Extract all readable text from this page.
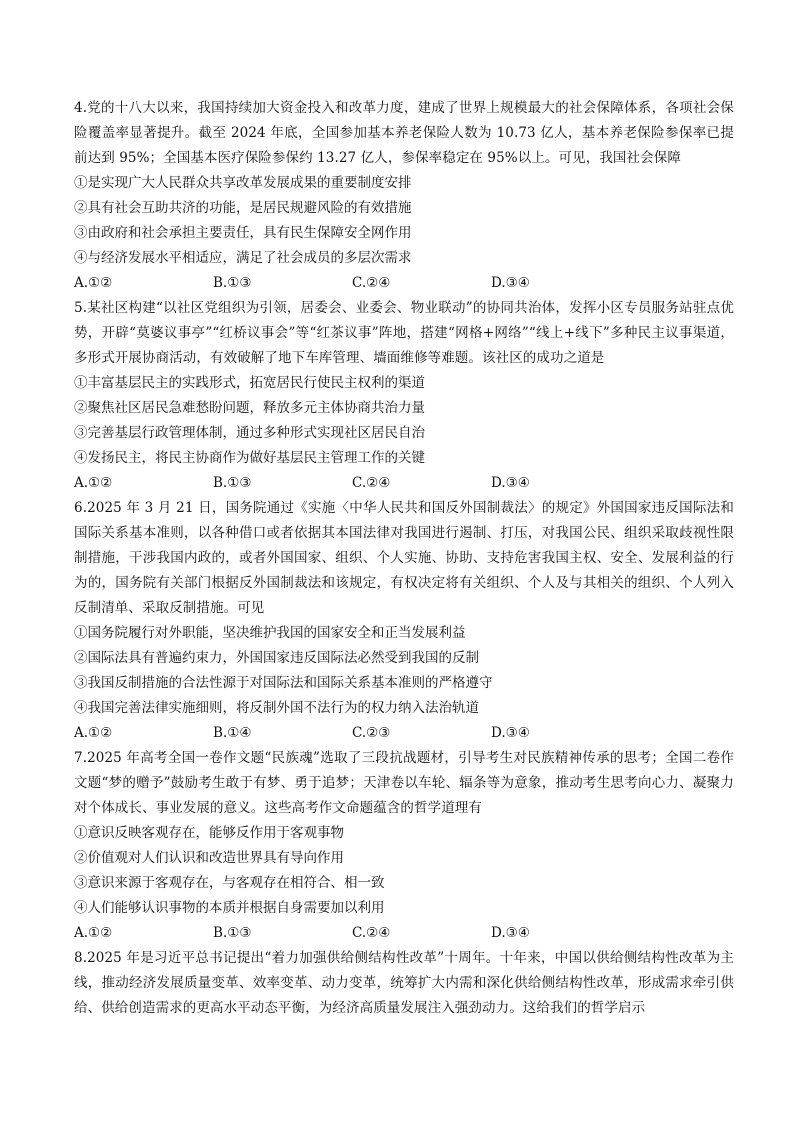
4.党的十八大以来，我国持续加大资金投入和改革力度，建成了世界上规模最大的社会保障体系，各项社会保险覆盖率显著提升。截至 2024 年底，全国参加基本养老保险人数为 10.73 亿人，基本养老保险参保率已提前达到 95%；全国基本医疗保险参保约 13.27 亿人，参保率稳定在 95%以上。可见，我国社会保障

①是实现广大人民群众共享改革发展成果的重要制度安排

②具有社会互助共济的功能，是居民规避风险的有效措施

③由政府和社会承担主要责任，具有民生保障安全网作用

④与经济发展水平相适应，满足了社会成员的多层次需求

A.①②	B.①③	C.②④	D.③④

5.某社区构建“以社区党组织为引领，居委会、业委会、物业联动”的协同共治体，发挥小区专员服务站驻点优势，开辟“莫婆议事亭”“红桥议事会”等“红茶议事”阵地，搭建“网格+网络”“线上+线下”多种民主议事渠道，多形式开展协商活动，有效破解了地下车库管理、墙面维修等难题。该社区的成功之道是

①丰富基层民主的实践形式，拓宽居民行使民主权利的渠道

②聚焦社区居民急难愁盼问题，释放多元主体协商共治力量

③完善基层行政管理体制，通过多种形式实现社区居民自治

④发扬民主，将民主协商作为做好基层民主管理工作的关键

A.①②	B.①③	C.②④	D.③④

6.2025 年 3 月 21 日，国务院通过《实施〈中华人民共和国反外国制裁法〉的规定》外国国家违反国际法和国际关系基本准则，以各种借口或者依据其本国法律对我国进行遏制、打压，对我国公民、组织采取歧视性限制措施，干涉我国内政的，或者外国国家、组织、个人实施、协助、支持危害我国主权、安全、发展利益的行为的，国务院有关部门根据反外国制裁法和该规定，有权决定将有关组织、个人及与其相关的组织、个人列入反制清单、采取反制措施。可见

①国务院履行对外职能，坚决维护我国的国家安全和正当发展利益

②国际法具有普遍约束力，外国国家违反国际法必然受到我国的反制

③我国反制措施的合法性源于对国际法和国际关系基本准则的严格遵守

④我国完善法律实施细则，将反制外国不法行为的权力纳入法治轨道

A.①②	B.①④	C.②③	D.③④

7.2025 年高考全国一卷作文题“民族魂”选取了三段抗战题材，引导考生对民族精神传承的思考；全国二卷作文题“梦的赠予”鼓励考生敢于有梦、勇于追梦；天津卷以车轮、辐条等为意象，推动考生思考向心力、凝聚力对个体成长、事业发展的意义。这些高考作文命题蕴含的哲学道理有

①意识反映客观存在，能够反作用于客观事物

②价值观对人们认识和改造世界具有导向作用

③意识来源于客观存在，与客观存在相符合、相一致

④人们能够认识事物的本质并根据自身需要加以利用

A.①②	B.①③	C.②④	D.③④

8.2025 年是习近平总书记提出“着力加强供给侧结构性改革”十周年。十年来，中国以供给侧结构性改革为主线，推动经济发展质量变革、效率变革、动力变革，统筹扩大内需和深化供给侧结构性改革，形成需求牵引供给、供给创造需求的更高水平动态平衡，为经济高质量发展注入强劲动力。这给我们的哲学启示
